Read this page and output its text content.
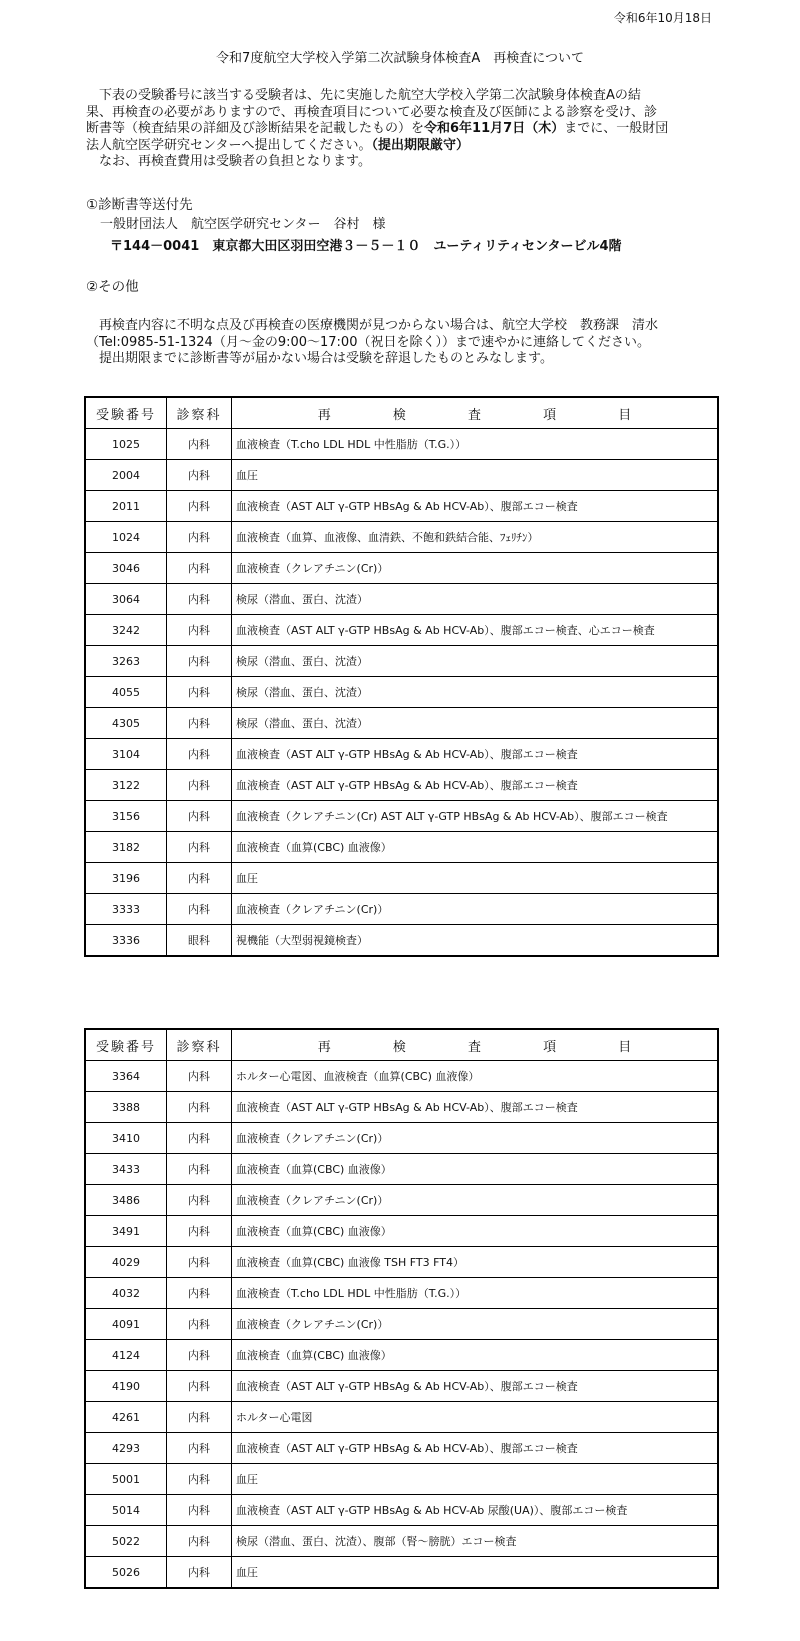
令和6年10月18日
令和7度航空大学校入学第二次試験身体検査A　再検査について

下表の受験番号に該当する受験者は、先に実施した航空大学校入学第二次試験身体検査Aの結

果、再検査の必要がありますので、再検査項目について必要な検査及び医師による診察を受け、診

断書等（検査結果の詳細及び診断結果を記載したもの）を令和6年11月7日（木）までに、一般財団

法人航空医学研究センターへ提出してください。（提出期限厳守）

なお、再検査費用は受験者の負担となります。

①診断書等送付先
一般財団法人　航空医学研究センター　谷村　様
〒144－0041　東京都大田区羽田空港３－５－１０　ユーティリティセンタービル4階
②その他

再検査内容に不明な点及び再検査の医療機関が見つからない場合は、航空大学校　教務課　清水

（Tel:0985-51-1324（月～金の9:00～17:00（祝日を除く））まで速やかに連絡してください。

提出期限までに診断書等が届かない場合は受験を辞退したものとみなします。

受験番号	診察科	再 検 査 項 目
1025	内科	血液検査（T.cho LDL HDL 中性脂肪（T.G.））
2004	内科	血圧
2011	内科	血液検査（AST ALT γ-GTP HBsAg & Ab HCV-Ab）、腹部エコー検査
1024	内科	血液検査（血算、血液像、血清鉄、不飽和鉄結合能、ﾌｪﾘﾁﾝ）
3046	内科	血液検査（クレアチニン(Cr)）
3064	内科	検尿（潜血、蛋白、沈渣）
3242	内科	血液検査（AST ALT γ-GTP HBsAg & Ab HCV-Ab）、腹部エコー検査、心エコー検査
3263	内科	検尿（潜血、蛋白、沈渣）
4055	内科	検尿（潜血、蛋白、沈渣）
4305	内科	検尿（潜血、蛋白、沈渣）
3104	内科	血液検査（AST ALT γ-GTP HBsAg & Ab HCV-Ab）、腹部エコー検査
3122	内科	血液検査（AST ALT γ-GTP HBsAg & Ab HCV-Ab）、腹部エコー検査
3156	内科	血液検査（クレアチニン(Cr) AST ALT γ-GTP HBsAg & Ab HCV-Ab）、腹部エコー検査
3182	内科	血液検査（血算(CBC) 血液像）
3196	内科	血圧
3333	内科	血液検査（クレアチニン(Cr)）
3336	眼科	視機能（大型弱視鏡検査）
受験番号	診察科	再 検 査 項 目
3364	内科	ホルター心電図、血液検査（血算(CBC) 血液像）
3388	内科	血液検査（AST ALT γ-GTP HBsAg & Ab HCV-Ab）、腹部エコー検査
3410	内科	血液検査（クレアチニン(Cr)）
3433	内科	血液検査（血算(CBC) 血液像）
3486	内科	血液検査（クレアチニン(Cr)）
3491	内科	血液検査（血算(CBC) 血液像）
4029	内科	血液検査（血算(CBC) 血液像 TSH FT3 FT4）
4032	内科	血液検査（T.cho LDL HDL 中性脂肪（T.G.））
4091	内科	血液検査（クレアチニン(Cr)）
4124	内科	血液検査（血算(CBC) 血液像）
4190	内科	血液検査（AST ALT γ-GTP HBsAg & Ab HCV-Ab）、腹部エコー検査
4261	内科	ホルター心電図
4293	内科	血液検査（AST ALT γ-GTP HBsAg & Ab HCV-Ab）、腹部エコー検査
5001	内科	血圧
5014	内科	血液検査（AST ALT γ-GTP HBsAg & Ab HCV-Ab 尿酸(UA)）、腹部エコー検査
5022	内科	検尿（潜血、蛋白、沈渣）、腹部（腎～膀胱）エコー検査
5026	内科	血圧
